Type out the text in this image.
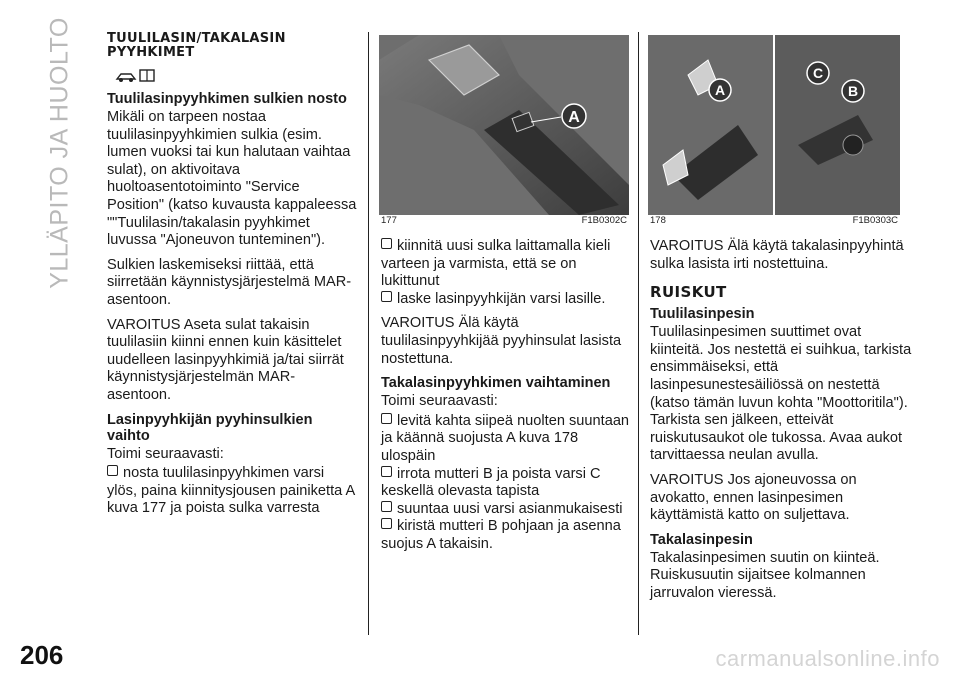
YLLÄPITO JA HUOLTO
206
TUULILASIN/TAKALASIN PYYHKIMET
Tuulilasinpyyhkimen sulkien nosto

Mikäli on tarpeen nostaa tuulilasinpyyhkimien sulkia (esim. lumen vuoksi tai kun halutaan vaihtaa sulat), on aktivoitava huoltoasentotoiminto "Service Position" (katso kuvausta kappaleessa ""Tuulilasin/takalasin pyyhkimet luvussa "Ajoneuvon tunteminen").

Sulkien laskemiseksi riittää, että siirretään käynnistysjärjestelmä MAR-asentoon.

VAROITUS Aseta sulat takaisin tuulilasiin kiinni ennen kuin käsittelet uudelleen lasinpyyhkimiä ja/tai siirrät käynnistysjärjestelmän MAR-asentoon.

Lasinpyyhkijän pyyhinsulkien vaihto

Toimi seuraavasti:

nosta tuulilasinpyyhkimen varsi ylös, paina kiinnitysjousen painiketta A kuva 177 ja poista sulka varresta

A
177	F1B0302C
A
C
B
178	F1B0303C

kiinnitä uusi sulka laittamalla kieli varteen ja varmista, että se on lukittunut

laske lasinpyyhkijän varsi lasille.

VAROITUS Älä käytä tuulilasinpyyhkijää pyyhinsulat lasista nostettuna.

Takalasinpyyhkimen vaihtaminen

Toimi seuraavasti:

levitä kahta siipeä nuolten suuntaan ja käännä suojusta A kuva 178 ulospäin

irrota mutteri B ja poista varsi C keskellä olevasta tapista

suuntaa uusi varsi asianmukaisesti

kiristä mutteri B pohjaan ja asenna suojus A takaisin.

VAROITUS Älä käytä takalasinpyyhintä sulka lasista irti nostettuina.

RUISKUT
Tuulilasinpesin

Tuulilasinpesimen suuttimet ovat kiinteitä. Jos nestettä ei suihkua, tarkista ensimmäiseksi, että lasinpesunestesäiliössä on nestettä (katso tämän luvun kohta "Moottoritila"). Tarkista sen jälkeen, etteivät ruiskutusaukot ole tukossa. Avaa aukot tarvittaessa neulan avulla.

VAROITUS Jos ajoneuvossa on avokatto, ennen lasinpesimen käyttämistä katto on suljettava.

Takalasinpesin

Takalasinpesimen suutin on kiinteä. Ruiskusuutin sijaitsee kolmannen jarruvalon vieressä.

carmanualsonline.info
